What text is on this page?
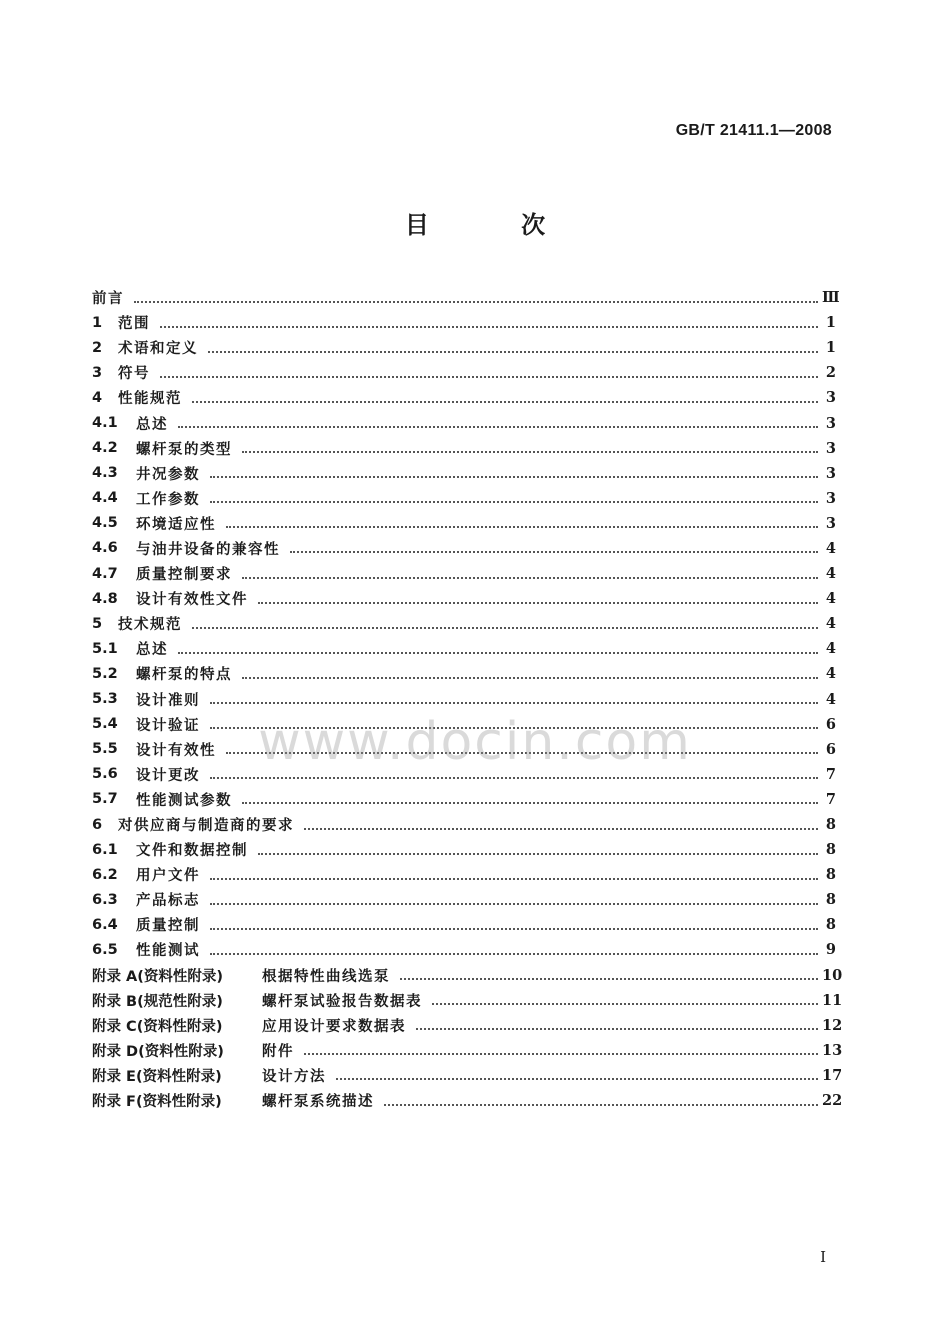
GB/T 21411.1—2008
目 次
前言	Ⅲ
1	范围	1
2	术语和定义	1
3	符号	2
4	性能规范	3
4.1	总述	3
4.2	螺杆泵的类型	3
4.3	井况参数	3
4.4	工作参数	3
4.5	环境适应性	3
4.6	与油井设备的兼容性	4
4.7	质量控制要求	4
4.8	设计有效性文件	4
5	技术规范	4
5.1	总述	4
5.2	螺杆泵的特点	4
5.3	设计准则	4
5.4	设计验证	6
5.5	设计有效性	6
5.6	设计更改	7
5.7	性能测试参数	7
6	对供应商与制造商的要求	8
6.1	文件和数据控制	8
6.2	用户文件	8
6.3	产品标志	8
6.4	质量控制	8
6.5	性能测试	9
附录 A(资料性附录)	根据特性曲线选泵	10
附录 B(规范性附录)	螺杆泵试验报告数据表	11
附录 C(资料性附录)	应用设计要求数据表	12
附录 D(资料性附录)	附件	13
附录 E(资料性附录)	设计方法	17
附录 F(资料性附录)	螺杆泵系统描述	22
www.docin.com
I
